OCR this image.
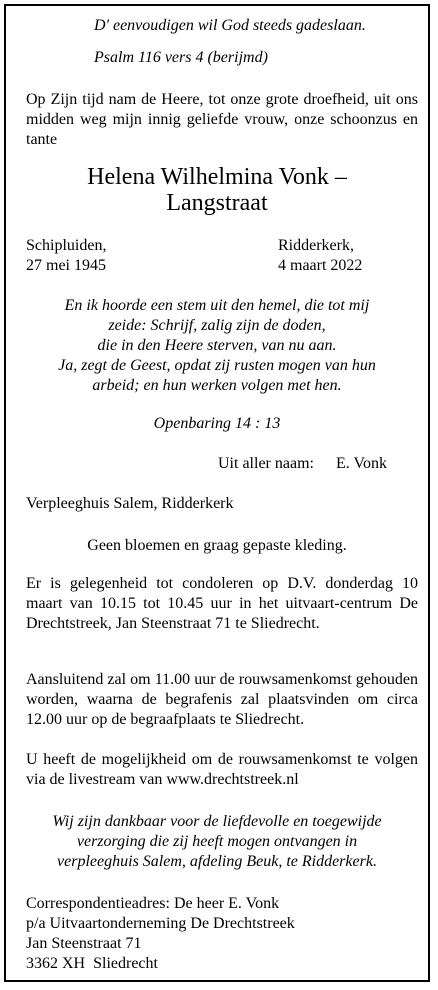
D' eenvoudigen wil God steeds gadeslaan.
Psalm 116 vers 4 (berijmd)
Op Zijn tijd nam de Heere, tot onze grote droefheid, uit ons midden weg mijn innig geliefde vrouw, onze schoonzus en tante
Helena Wilhelmina Vonk –
Langstraat
Schipluiden,
27 mei 1945
Ridderkerk,
4 maart 2022
En ik hoorde een stem uit den hemel, die tot mij
zeide: Schrijf, zalig zijn de doden,
die in den Heere sterven, van nu aan.
Ja, zegt de Geest, opdat zij rusten mogen van hun
arbeid; en hun werken volgen met hen.
Openbaring 14 : 13
Uit aller naam: E. Vonk
Verpleeghuis Salem, Ridderkerk
Geen bloemen en graag gepaste kleding.
Er is gelegenheid tot condoleren op D.V. donderdag 10 maart van 10.15 tot 10.45 uur in het uitvaart-centrum De Drechtstreek, Jan Steenstraat 71 te Sliedrecht.
Aansluitend zal om 11.00 uur de rouwsamenkomst gehouden worden, waarna de begrafenis zal plaatsvinden om circa 12.00 uur op de begraafplaats te Sliedrecht.
U heeft de mogelijkheid om de rouwsamenkomst te volgen via de livestream van www.drechtstreek.nl
Wij zijn dankbaar voor de liefdevolle en toegewijde
verzorging die zij heeft mogen ontvangen in
verpleeghuis Salem, afdeling Beuk, te Ridderkerk.
Correspondentieadres: De heer E. Vonk
p/a Uitvaartonderneming De Drechtstreek
Jan Steenstraat 71
3362 XH  Sliedrecht
